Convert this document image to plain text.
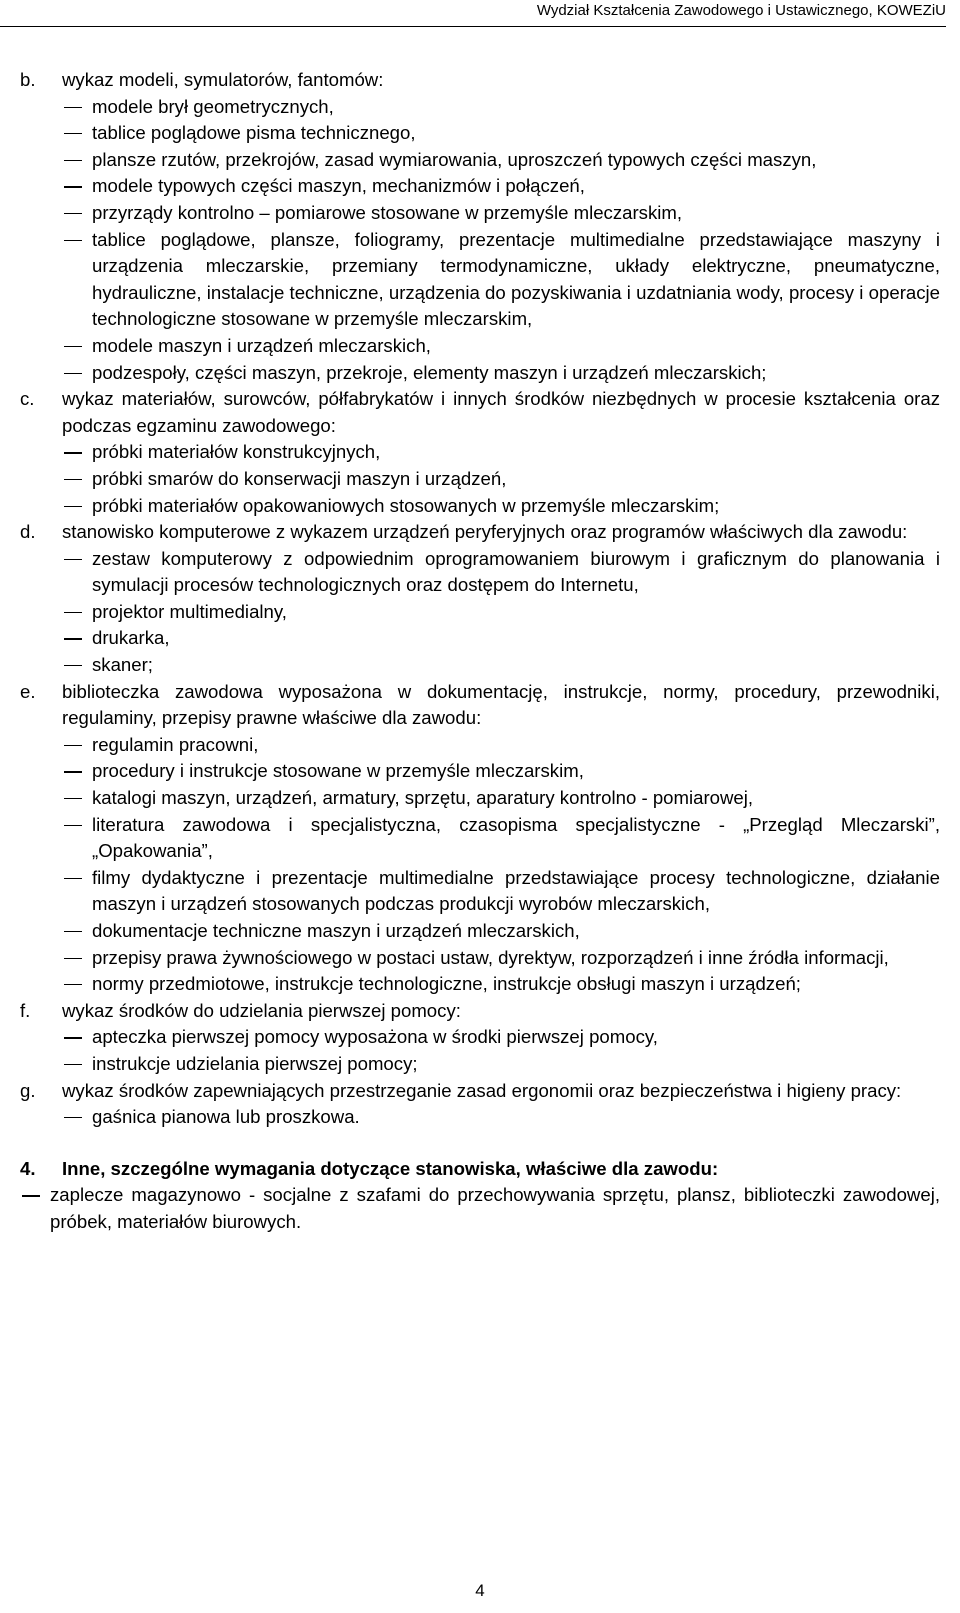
Wydział Kształcenia Zawodowego i Ustawicznego, KOWEZiU
b.	wykaz modeli, symulatorów, fantomów:
modele brył geometrycznych,
tablice poglądowe pisma technicznego,
plansze rzutów, przekrojów, zasad wymiarowania, uproszczeń typowych części maszyn,
modele typowych części maszyn, mechanizmów i połączeń,
przyrządy kontrolno – pomiarowe stosowane w przemyśle mleczarskim,
tablice poglądowe, plansze, foliogramy, prezentacje multimedialne przedstawiające maszyny i urządzenia mleczarskie, przemiany termodynamiczne, układy elektryczne, pneumatyczne, hydrauliczne, instalacje techniczne, urządzenia do pozyskiwania i uzdatniania wody, procesy i operacje technologiczne stosowane w przemyśle mleczarskim,
modele maszyn i urządzeń mleczarskich,
podzespoły, części maszyn, przekroje, elementy maszyn i urządzeń mleczarskich;
c.	wykaz materiałów, surowców, półfabrykatów i innych środków niezbędnych w procesie kształcenia oraz podczas egzaminu zawodowego:
próbki materiałów konstrukcyjnych,
próbki smarów do konserwacji maszyn i urządzeń,
próbki materiałów opakowaniowych stosowanych w przemyśle mleczarskim;
d.	stanowisko komputerowe z wykazem urządzeń peryferyjnych oraz programów właściwych dla zawodu:
zestaw komputerowy z odpowiednim oprogramowaniem biurowym i graficznym do planowania i symulacji procesów technologicznych oraz dostępem do Internetu,
projektor multimedialny,
drukarka,
skaner;
e.	biblioteczka zawodowa wyposażona w dokumentację, instrukcje, normy, procedury, przewodniki, regulaminy, przepisy prawne właściwe dla zawodu:
regulamin pracowni,
procedury i instrukcje stosowane w przemyśle mleczarskim,
katalogi maszyn, urządzeń, armatury, sprzętu, aparatury kontrolno - pomiarowej,
literatura zawodowa i specjalistyczna, czasopisma specjalistyczne - „Przegląd Mleczarski”, „Opakowania”,
filmy dydaktyczne i prezentacje multimedialne przedstawiające procesy technologiczne, działanie maszyn i urządzeń stosowanych podczas produkcji wyrobów mleczarskich,
dokumentacje techniczne maszyn i urządzeń mleczarskich,
przepisy prawa żywnościowego w postaci ustaw, dyrektyw, rozporządzeń i inne źródła informacji,
normy przedmiotowe, instrukcje technologiczne, instrukcje obsługi maszyn i urządzeń;
f.	wykaz środków do udzielania pierwszej pomocy:
apteczka pierwszej pomocy wyposażona w środki pierwszej pomocy,
instrukcje udzielania pierwszej pomocy;
g.	wykaz środków zapewniających przestrzeganie zasad ergonomii oraz bezpieczeństwa i higieny pracy:
gaśnica pianowa lub proszkowa.
4.	Inne, szczególne wymagania dotyczące stanowiska, właściwe dla zawodu:
zaplecze magazynowo - socjalne z szafami do przechowywania sprzętu, plansz, biblioteczki zawodowej, próbek, materiałów biurowych.
4
